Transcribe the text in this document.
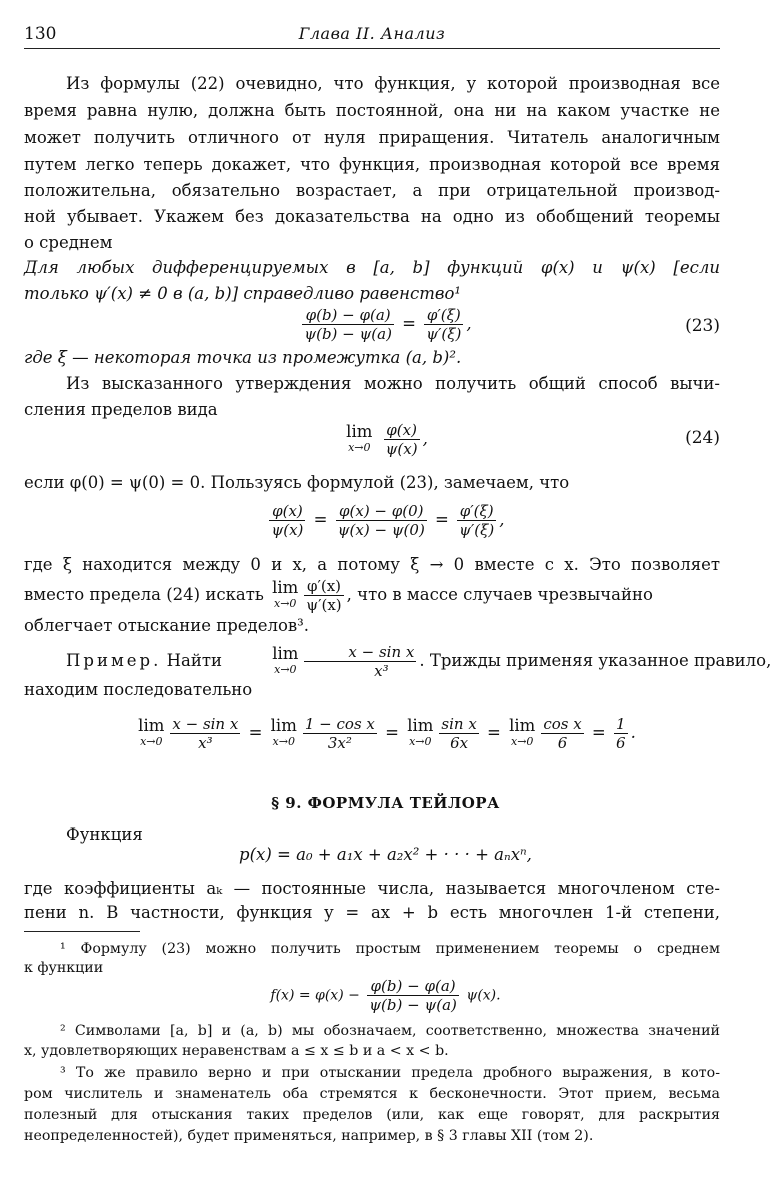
130	Глава II. Анализ
Из формулы (22) очевидно, что функция, у которой производная все
время равна нулю, должна быть постоянной, она ни на каком участке не
может получить отличного от нуля приращения. Читатель аналогичным
путем легко теперь докажет, что функция, производная которой все время
положительна, обязательно возрастает, а при отрицательной производ-
ной убывает. Укажем без доказательства на одно из обобщений теоремы
о среднем
Для любых дифференцируемых в [a, b] функций φ(x) и ψ(x) [если
только ψ′(x) ≠ 0 в (a, b)] справедливо равенство¹
$\frac{\varphi(b) - \varphi(a)}{\psi(b) - \psi(a)} = \frac{\varphi'(\xi)}{\psi'(\xi)}$ ,	(23)
где ξ — некоторая точка из промежутка (a, b)².
Из высказанного утверждения можно получить общий способ вычи-
сления пределов вида
lim
x→0
$\frac{\varphi(x)}{\psi(x)}$ ,	(24)
если φ(0) = ψ(0) = 0. Пользуясь формулой (23), замечаем, что
$\frac{\varphi(x)}{\psi(x)} = \frac{\varphi(x) - \varphi(0)}{\psi(x) - \psi(0)} = \frac{\varphi'(\xi)}{\psi'(\xi)}$ ,
где ξ находится между 0 и x, а потому ξ → 0 вместе с x. Это позволяет
вместо предела (24) искать lim
$x\to 0 \frac{\varphi'(x)}{\psi'(x)}$ , что в массе случаев чрезвычайно
облегчает отыскание пределов³.
Пример. Найти	lim
$x\to 0 \frac{\text{x − sin x}}{\text{x³}}$ . Трижды применяя указанное правило,
находим последовательно
lim
$x\to 0 \frac{\text{x − sin x}}{\text{x³}} = \lim$
$x\to 0 \frac{\text{1 − cos x}}{\text{3x²}} = \lim$
$x\to 0 \frac{\text{sin x}}{6x} = \lim$
$x\to 0 \frac{\text{cos x}}{6} = \frac{1}{6}$ .
§ 9. ФОРМУЛА ТЕЙЛОРА
Функция
p(x) = a₀ + a₁x + a₂x² + · · · + aₙxⁿ,
где коэффициенты aₖ — постоянные числа, называется многочленом сте-
пени n. В частности, функция y = ax + b есть многочлен 1-й степени,
¹ Формулу (23) можно получить простым применением теоремы о среднем
к функции
$f(x) = \varphi(x) - \frac{\varphi(b) - \varphi(a)}{\psi(b) - \psi(a)} \psi(x)$.
² Символами [a, b] и (a, b) мы обозначаем, соответственно, множества значений
x, удовлетворяющих неравенствам a ≤ x ≤ b и a < x < b.
³ То же правило верно и при отыскании предела дробного выражения, в кото-
ром числитель и знаменатель оба стремятся к бесконечности. Этот прием, весьма
полезный для отыскания таких пределов (или, как еще говорят, для раскрытия
неопределенностей), будет применяться, например, в § 3 главы XII (том 2).
